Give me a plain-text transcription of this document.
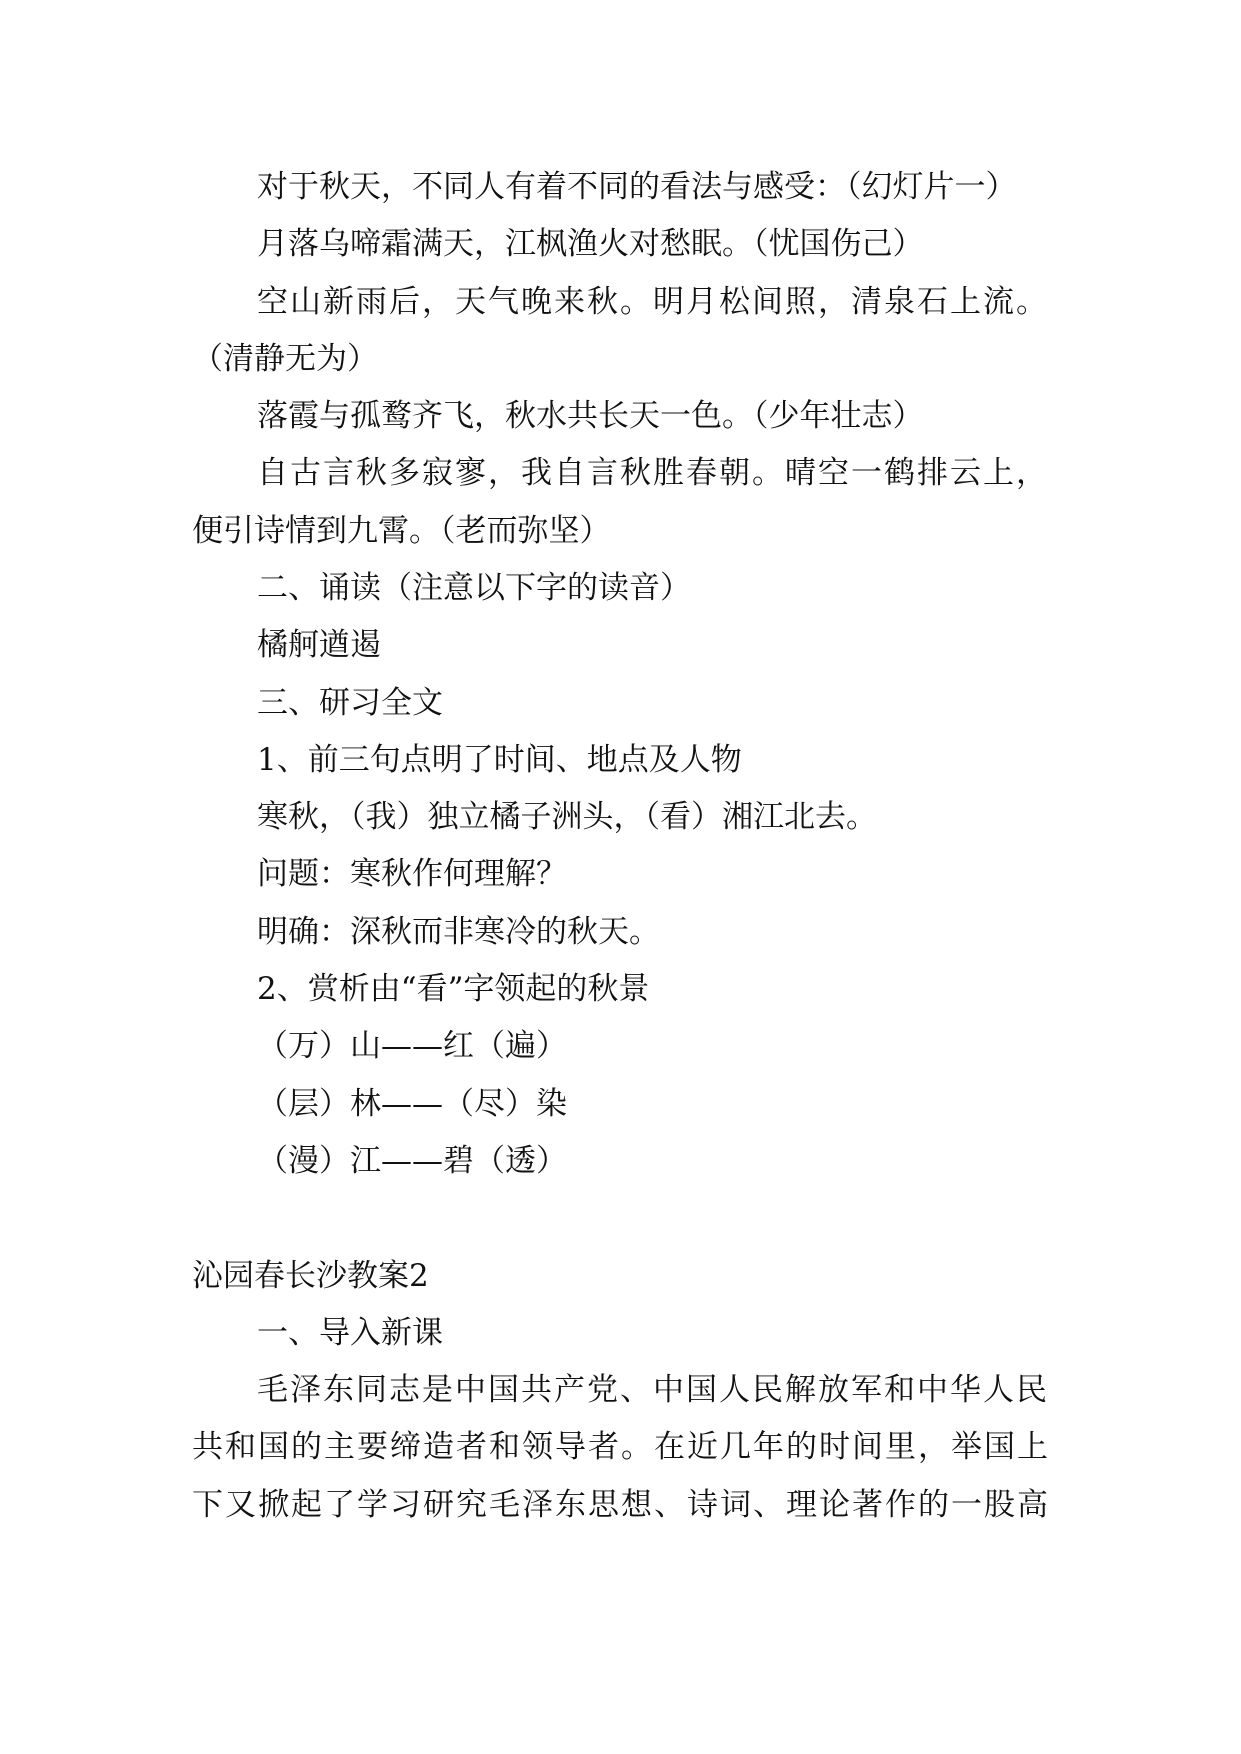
对于秋天，不同人有着不同的看法与感受：（幻灯片一）

月落乌啼霜满天，江枫渔火对愁眠。（忧国伤己）

空山新雨后，天气晚来秋。明月松间照，清泉石上流。

（清静无为）

落霞与孤鹜齐飞，秋水共长天一色。（少年壮志）

自古言秋多寂寥，我自言秋胜春朝。晴空一鹤排云上，

便引诗情到九霄。（老而弥坚）

二、诵读（注意以下字的读音）

橘舸遒遏

三、研习全文

1、前三句点明了时间、地点及人物

寒秋，（我）独立橘子洲头，（看）湘江北去。

问题：寒秋作何理解？

明确：深秋而非寒冷的秋天。

2、赏析由“看”字领起的秋景

（万）山——红（遍）

（层）林——（尽）染

（漫）江——碧（透）

沁园春长沙教案2

一、导入新课

毛泽东同志是中国共产党、中国人民解放军和中华人民

共和国的主要缔造者和领导者。在近几年的时间里，举国上

下又掀起了学习研究毛泽东思想、诗词、理论著作的一股高
